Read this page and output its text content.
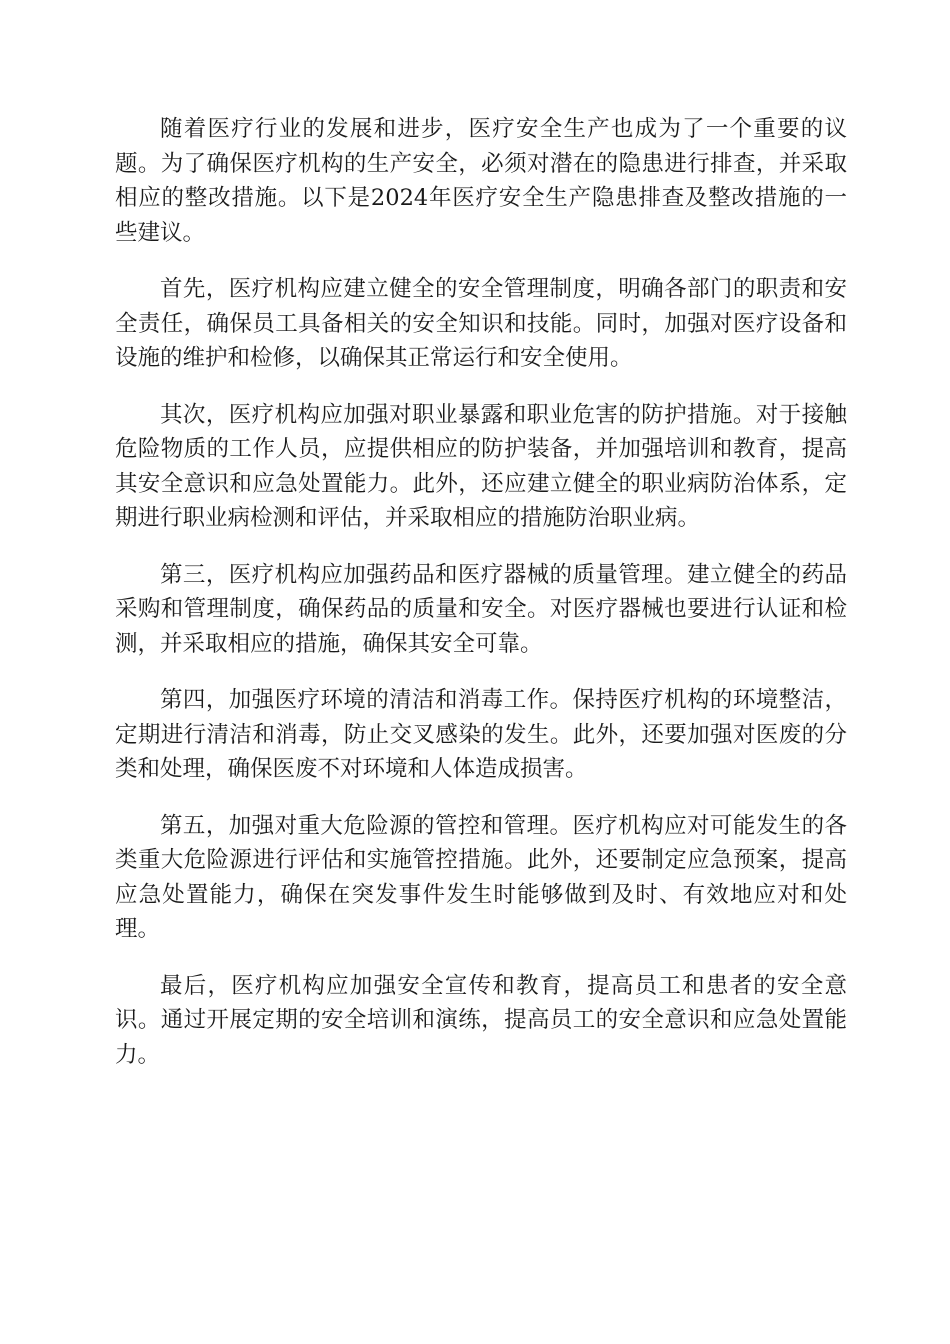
随着医疗行业的发展和进步，医疗安全生产也成为了一个重要的议题。为了确保医疗机构的生产安全，必须对潜在的隐患进行排查，并采取相应的整改措施。以下是2024年医疗安全生产隐患排查及整改措施的一些建议。

首先，医疗机构应建立健全的安全管理制度，明确各部门的职责和安全责任，确保员工具备相关的安全知识和技能。同时，加强对医疗设备和设施的维护和检修，以确保其正常运行和安全使用。

其次，医疗机构应加强对职业暴露和职业危害的防护措施。对于接触危险物质的工作人员，应提供相应的防护装备，并加强培训和教育，提高其安全意识和应急处置能力。此外，还应建立健全的职业病防治体系，定期进行职业病检测和评估，并采取相应的措施防治职业病。

第三，医疗机构应加强药品和医疗器械的质量管理。建立健全的药品采购和管理制度，确保药品的质量和安全。对医疗器械也要进行认证和检测，并采取相应的措施，确保其安全可靠。

第四，加强医疗环境的清洁和消毒工作。保持医疗机构的环境整洁，定期进行清洁和消毒，防止交叉感染的发生。此外，还要加强对医废的分类和处理，确保医废不对环境和人体造成损害。

第五，加强对重大危险源的管控和管理。医疗机构应对可能发生的各类重大危险源进行评估和实施管控措施。此外，还要制定应急预案，提高应急处置能力，确保在突发事件发生时能够做到及时、有效地应对和处理。

最后，医疗机构应加强安全宣传和教育，提高员工和患者的安全意识。通过开展定期的安全培训和演练，提高员工的安全意识和应急处置能力。
